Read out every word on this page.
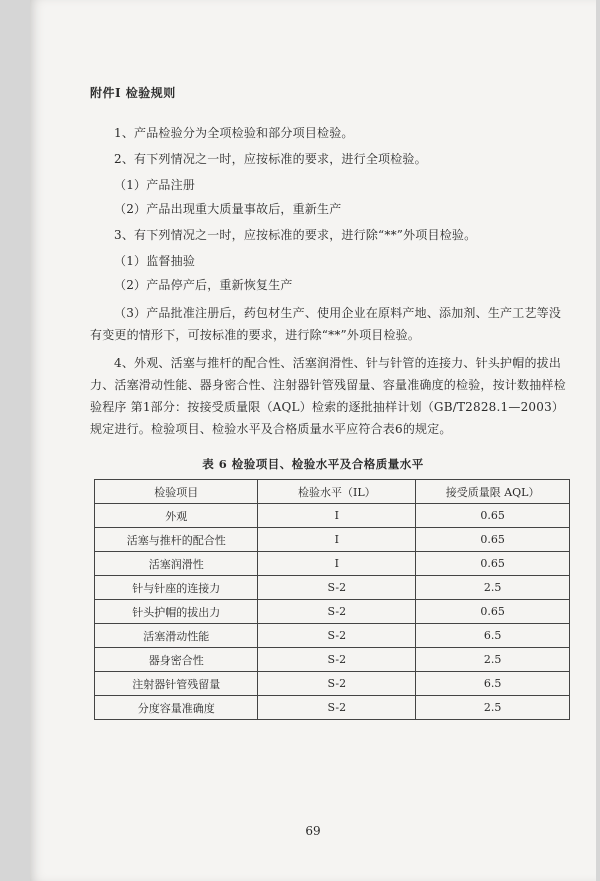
附件Ⅰ 检验规则
1、产品检验分为全项检验和部分项目检验。
2、有下列情况之一时，应按标准的要求，进行全项检验。
（1）产品注册
（2）产品出现重大质量事故后，重新生产
3、有下列情况之一时，应按标准的要求，进行除“**”外项目检验。
（1）监督抽验
（2）产品停产后，重新恢复生产
（3）产品批准注册后，药包材生产、使用企业在原料产地、添加剂、生产工艺等没有变更的情形下，可按标准的要求，进行除“**”外项目检验。
4、外观、活塞与推杆的配合性、活塞润滑性、针与针管的连接力、针头护帽的拔出力、活塞滑动性能、器身密合性、注射器针管残留量、容量准确度的检验，按计数抽样检验程序 第1部分：按接受质量限（AQL）检索的逐批抽样计划（GB/T2828.1—2003）规定进行。检验项目、检验水平及合格质量水平应符合表6的规定。
表 6 检验项目、检验水平及合格质量水平
检验项目	检验水平（IL）	接受质量限 AQL）
外观	Ⅰ	0.65
活塞与推杆的配合性	Ⅰ	0.65
活塞润滑性	Ⅰ	0.65
针与针座的连接力	S-2	2.5
针头护帽的拔出力	S-2	0.65
活塞滑动性能	S-2	6.5
器身密合性	S-2	2.5
注射器针管残留量	S-2	6.5
分度容量准确度	S-2	2.5
69
